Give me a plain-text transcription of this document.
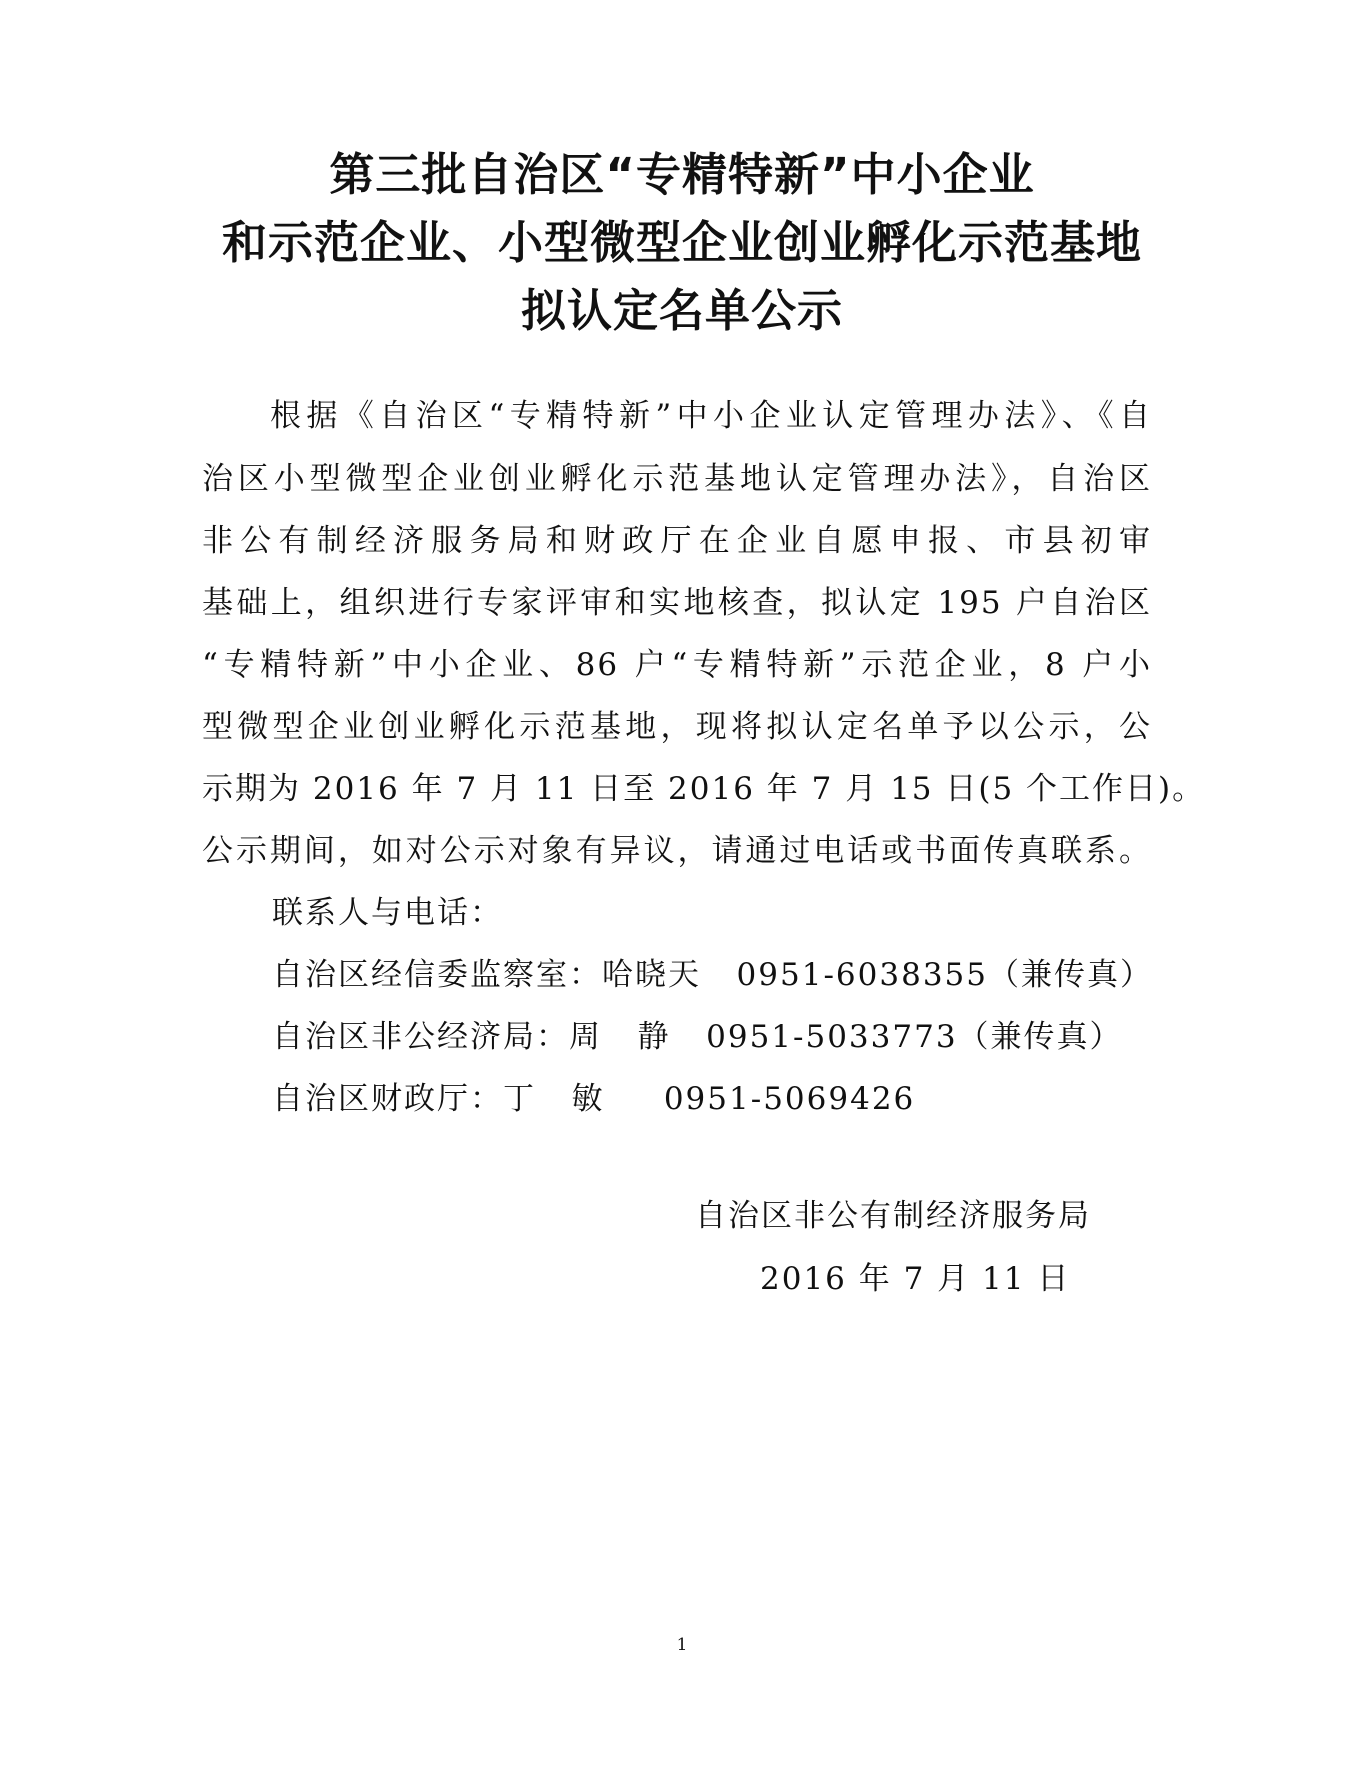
第三批自治区“专精特新”中小企业
和示范企业、小型微型企业创业孵化示范基地
拟认定名单公示
根据《自治区“专精特新”中小企业认定管理办法》、《自
治区小型微型企业创业孵化示范基地认定管理办法》，自治区
非公有制经济服务局和财政厅在企业自愿申报、市县初审
基础上，组织进行专家评审和实地核查，拟认定 195 户自治区
“专精特新”中小企业、86 户“专精特新”示范企业，8 户小
型微型企业创业孵化示范基地，现将拟认定名单予以公示，公
示期为 2016 年 7 月 11 日至 2016 年 7 月 15 日(5 个工作日)。
公示期间，如对公示对象有异议，请通过电话或书面传真联系。
联系人与电话：
自治区经信委监察室：哈晓天   0951-6038355（兼传真）
自治区非公经济局：周   静   0951-5033773（兼传真）
自治区财政厅：丁   敏     0951-5069426
自治区非公有制经济服务局
2016 年 7 月 11 日
1
